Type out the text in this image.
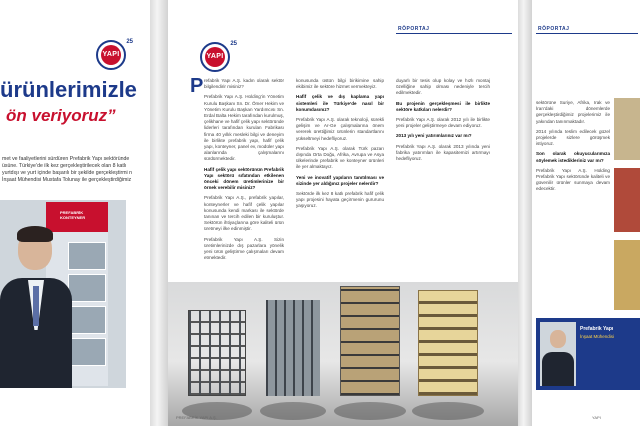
YAPI
25
ürünlerimizle
ön veriyoruz”
met ve faaliyetlerini sürdüren Prefabrik Yapı sektöründe üsüne. Türkiye’de ilk kez gerçekleştirilecek olan 8 katlı yurtdışı ve yurt içinde başarılı bir şekilde gerçekleştirmi n İnşaat Mühendisi Mustafa Tolunay ile gerçekleştirdiğimiz
PREFABRİK KONTEYNER
RÖPORTAJ
YAPI
25
P refabrik Yapı A.Ş. kadın olarak sektör bilgilendirir misiniz?

Prefabrik Yapı A.Ş. Holding’in Yönetim Kurulu Başkanı Sn. Dr. Ömer Hekim ve Yönetim Kurulu Başkan Yardımcısı Sn. Erdal Balta Hekim tarafından kurulmuş, çelikhane ve hafif çelik yapı sektöründe liderleri tarafından kurulan Fabrikası firma 40 yıllık mesleki bilgi ve deneyim ile birlikte prefabrik yapı, hafif çelik yapı, konteyner, panel ev, modüler yapı alanlarında çalışmalarını sürdürmektedir.

Hafif çelik yapı sektörünün Prefabrik Yapı sektörü sıfatından etkilenen önceki dönem üretimlerinize bir örnek verebilir misiniz?

Prefabrik Yapı A.Ş., prefabrik yapılar, konteynerler ve hafif çelik yapılar konusunda kendi markası ile sektörde tanınan ve tercih edilen bir kuruluştur. Sektörün ihtiyaçlarına göre kaliteli ürün üretmeyi ilke edinmiştir.

Prefabrik Yapı A.Ş. Sizin üretimlerinizde dış pazarlara yönelik yeni ürün geliştirme çalışmaları devam etmektedir.

konusunda üstün bilgi birikimine sahip ekibimiz ile sektöre hizmet vermekteyiz.

Hafif çelik ve dış kaplama yapı sistemleri ile Türkiye’de nasıl bir konumdasınız?

Prefabrik Yapı A.Ş. olarak teknoloji, sürekli gelişim ve Ar-Ge çalışmalarına önem vererek ürettiğimiz ürünlerin standartlarını yükseltmeyi hedefliyoruz.

Prefabrik Yapı A.Ş. olarak Türk pazarı dışında Orta Doğu, Afrika, Avrupa ve Asya ülkelerinde prefabrik ve konteyner ürünleri ile yer almaktayız.

Yeni ve inovatif yapıların tanıtılması ve sizinde yer aldığınız projeler nelerdir?

Sektörde ilk kez 8 katlı prefabrik hafif çelik yapı projesini hayata geçirmenin gururunu yaşıyoruz.

duyarlı bir tesis olup kolay ve hızlı montaj özelliğine sahip olması nedeniyle tercih edilmektedir.

Bu projenin gerçekleşmesi ile birlikte sektöre katkıları nelerdir?

Prefabrik Yapı A.Ş. olarak 2012 yılı ile birlikte yeni projeler geliştirmeye devam ediyoruz.

2013 yılı yeni yatırımlarınız var mı?

Prefabrik Yapı A.Ş. olarak 2013 yılında yeni fabrika yatırımları ile kapasitemizi artırmayı hedefliyoruz.

PREFABRİK YAPI A.Ş.
RÖPORTAJ

sektörüne Suriye, Afrika, Irak ve İran’daki dönemlerde gerçekleştirdiğimiz projelerimiz ile yakından tanınmaktadır.

2014 yılında teslim edilecek güzel projelerde sizlere görüşmek istiyoruz.

Son olarak okuyucularımıza söylemek istedikleriniz var mı?

Prefabrik Yapı A.Ş. Holding Prefabrik Yapı sektöründe kaliteli ve güvenilir ürünler sunmaya devam edecektir.

Prefabrik Yapı
İnşaat Mühendisi
YAPI
